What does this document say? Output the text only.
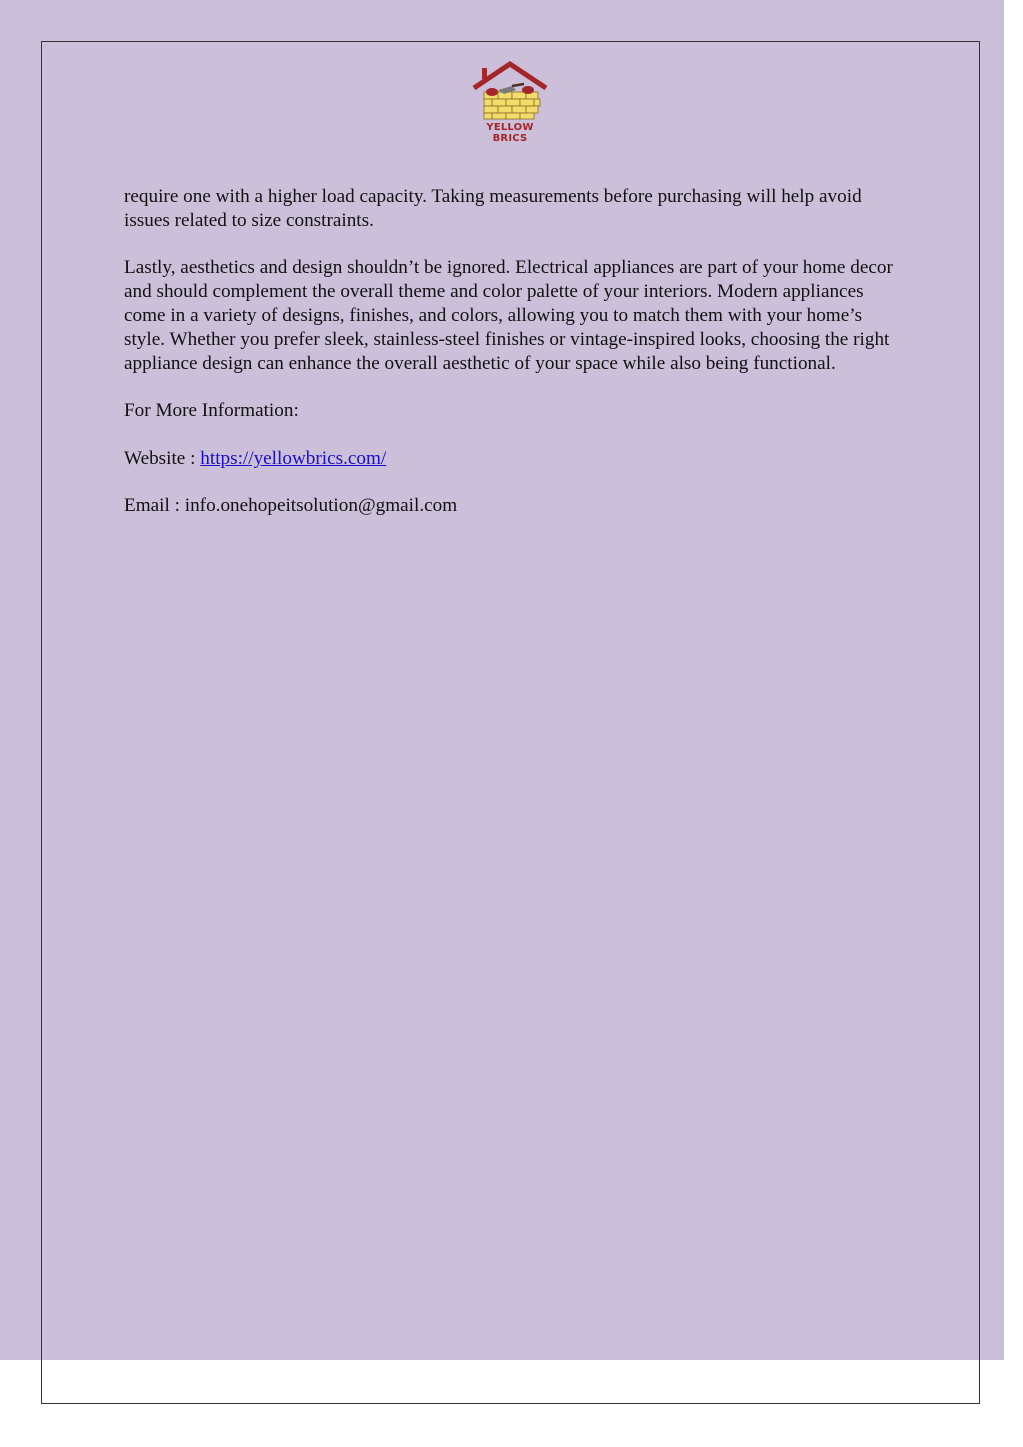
YELLOW BRICS

require one with a higher load capacity. Taking measurements before purchasing will help avoid issues related to size constraints.

Lastly, aesthetics and design shouldn’t be ignored. Electrical appliances are part of your home decor and should complement the overall theme and color palette of your interiors. Modern appliances come in a variety of designs, finishes, and colors, allowing you to match them with your home’s style. Whether you prefer sleek, stainless-steel finishes or vintage-inspired looks, choosing the right appliance design can enhance the overall aesthetic of your space while also being functional.

For More Information:

Website : https://yellowbrics.com/

Email : info.onehopeitsolution@gmail.com
